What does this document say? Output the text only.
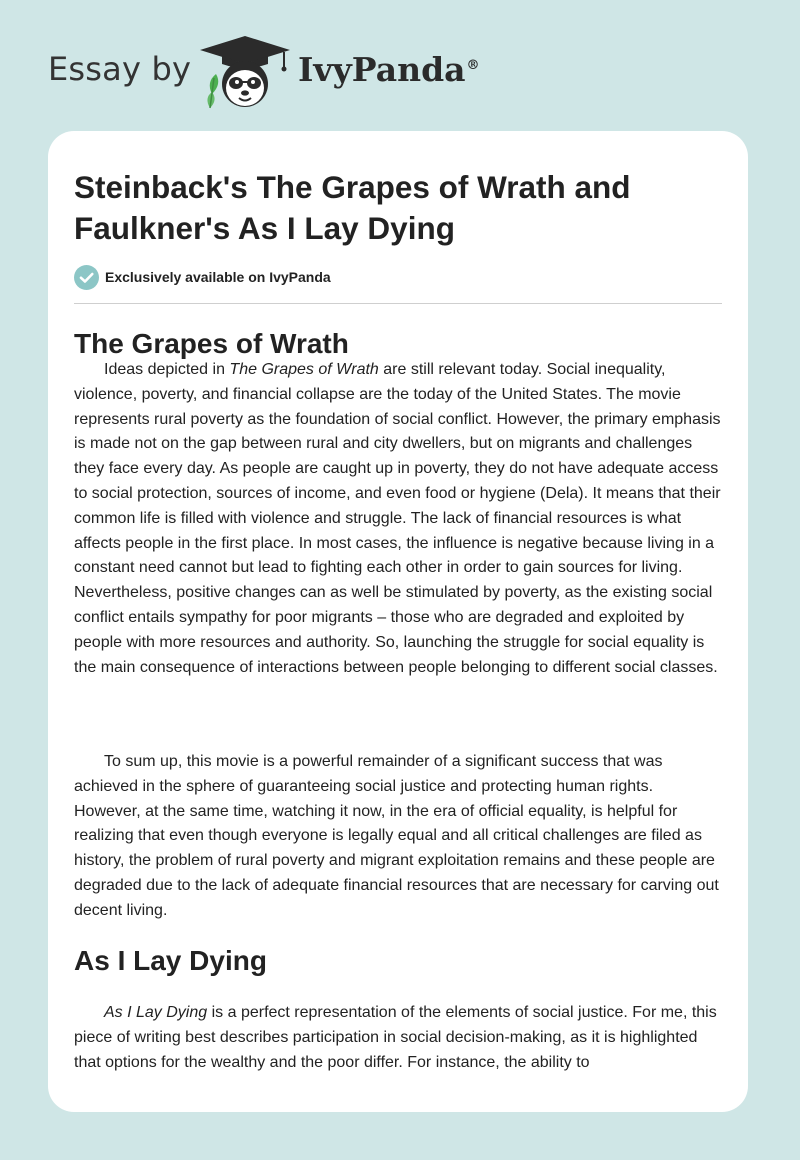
Essay by	IvyPanda®
Steinback's The Grapes of Wrath and Faulkner's As I Lay Dying
Exclusively available on IvyPanda
The Grapes of Wrath

Ideas depicted in The Grapes of Wrath are still relevant today. Social inequality, violence, poverty, and financial collapse are the today of the United States. The movie represents rural poverty as the foundation of social conflict. However, the primary emphasis is made not on the gap between rural and city dwellers, but on migrants and challenges they face every day. As people are caught up in poverty, they do not have adequate access to social protection, sources of income, and even food or hygiene (Dela). It means that their common life is filled with violence and struggle. The lack of financial resources is what affects people in the first place. In most cases, the influence is negative because living in a constant need cannot but lead to fighting each other in order to gain sources for living. Nevertheless, positive changes can as well be stimulated by poverty, as the existing social conflict entails sympathy for poor migrants – those who are degraded and exploited by people with more resources and authority. So, launching the struggle for social equality is the main consequence of interactions between people belonging to different social classes.

To sum up, this movie is a powerful remainder of a significant success that was achieved in the sphere of guaranteeing social justice and protecting human rights. However, at the same time, watching it now, in the era of official equality, is helpful for realizing that even though everyone is legally equal and all critical challenges are filed as history, the problem of rural poverty and migrant exploitation remains and these people are degraded due to the lack of adequate financial resources that are necessary for carving out decent living.

As I Lay Dying

As I Lay Dying is a perfect representation of the elements of social justice. For me, this piece of writing best describes participation in social decision-making, as it is highlighted that options for the wealthy and the poor differ. For instance, the ability to
